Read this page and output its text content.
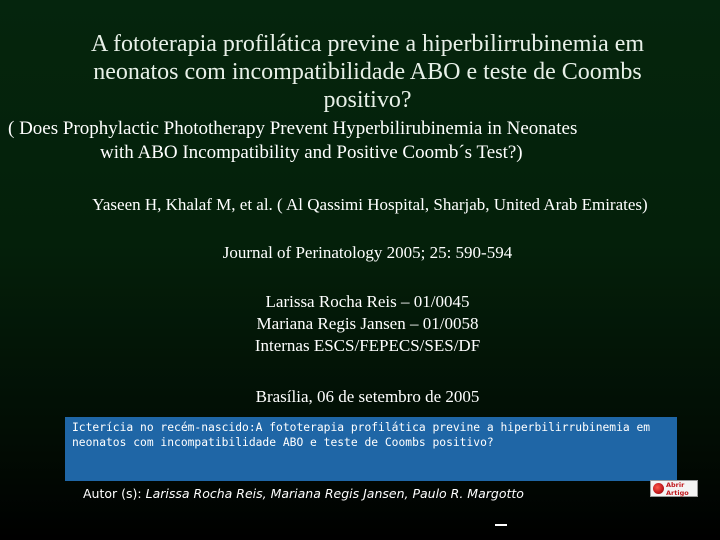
A fototerapia profilática previne a hiperbilirrubinemia em
neonatos com incompatibilidade ABO e teste de Coombs
positivo?
( Does Prophylactic Phototherapy Prevent Hyperbilirubinemia in Neonates
with ABO Incompatibility and Positive Coomb´s Test?)
Yaseen H, Khalaf M, et al. ( Al Qassimi Hospital, Sharjab, United Arab Emirates)
Journal of Perinatology 2005; 25: 590-594
Larissa Rocha Reis – 01/0045
Mariana Regis Jansen – 01/0058
Internas ESCS/FEPECS/SES/DF
Brasília, 06 de setembro de 2005

Icterícia no recém-nascido:A fototerapia profilática previne a hiperbilirrubinemia em neonatos com incompatibilidade ABO e teste de Coombs positivo?

Autor (s): Larissa Rocha Reis, Mariana Regis Jansen, Paulo R. Margotto
Abrir Artigo
